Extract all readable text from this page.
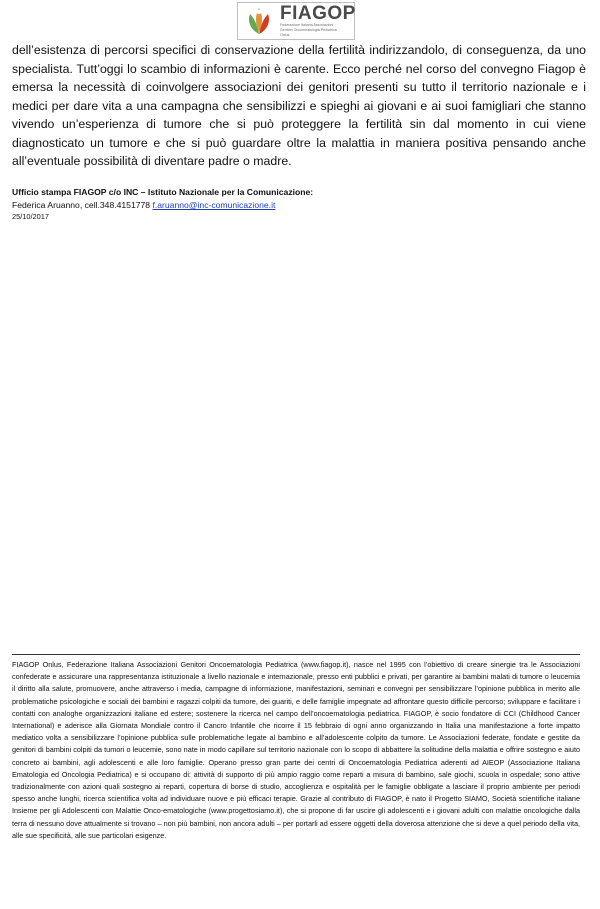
FIAGOP
Federazione Italiana Associazioni
Genitori Oncoematologia Pediatrica
Onlus

dell’esistenza di percorsi specifici di conservazione della fertilità indirizzandolo, di conseguenza, da uno specialista. Tutt’oggi lo scambio di informazioni è carente. Ecco perché nel corso del convegno Fiagop è emersa la necessità di coinvolgere associazioni dei genitori presenti su tutto il territorio nazionale e i medici per dare vita a una campagna che sensibilizzi e spieghi ai giovani e ai suoi famigliari che stanno vivendo un’esperienza di tumore che si può proteggere la fertilità sin dal momento in cui viene diagnosticato un tumore e che si può guardare oltre la malattia in maniera positiva pensando anche all’eventuale possibilità di diventare padre o madre.

Ufficio stampa FIAGOP c/o INC – Istituto Nazionale per la Comunicazione:

Federica Aruanno, cell.348.4151778 f.aruanno@inc-comunicazione.it

25/10/2017

FIAGOP Onlus, Federazione Italiana Associazioni Genitori Oncoematologia Pediatrica (www.fiagop.it), nasce nel 1995 con l’obiettivo di creare sinergie tra le Associazioni confederate e assicurare una rappresentanza istituzionale a livello nazionale e internazionale, presso enti pubblici e privati, per garantire ai bambini malati di tumore o leucemia il diritto alla salute, promuovere, anche attraverso i media, campagne di informazione, manifestazioni, seminari e convegni per sensibilizzare l’opinione pubblica in merito alle problematiche psicologiche e sociali dei bambini e ragazzi colpiti da tumore, dei guariti, e delle famiglie impegnate ad affrontare questo difficile percorso; sviluppare e facilitare i contatti con analoghe organizzazioni italiane ed estere; sostenere la ricerca nel campo dell’oncoematologia pediatrica. FIAGOP, è socio fondatore di CCI (Childhood Cancer International) e aderisce alla Giornata Mondiale contro il Cancro Infantile che ricorre il 15 febbraio di ogni anno organizzando in Italia una manifestazione a forte impatto mediatico volta a sensibilizzare l’opinione pubblica sulle problematiche legate al bambino e all’adolescente colpito da tumore. Le Associazioni federate, fondate e gestite da genitori di bambini colpiti da tumori o leucemie, sono nate in modo capillare sul territorio nazionale con lo scopo di abbattere la solitudine della malattia e offrire sostegno e aiuto concreto ai bambini, agli adolescenti e alle loro famiglie. Operano presso gran parte dei centri di Oncoematologia Pediatrica aderenti ad AIEOP (Associazione Italiana Ematologia ed Oncologia Pediatrica) e si occupano di: attività di supporto di più ampio raggio come reparti a misura di bambino, sale giochi, scuola in ospedale; sono attive tradizionalmente con azioni quali sostegno ai reparti, copertura di borse di studio, accoglienza e ospitalità per le famiglie obbligate a lasciare il proprio ambiente per periodi spesso anche lunghi, ricerca scientifica volta ad individuare nuove e più efficaci terapie. Grazie al contributo di FIAGOP, è nato il Progetto SIAMO, Società scientifiche italiane Insieme per gli Adolescenti con Malattie Onco-ematologiche (www.progettosiamo.it), che si propone di far uscire gli adolescenti e i giovani adulti con malattie oncologiche dalla terra di nessuno dove attualmente si trovano – non più bambini, non ancora adulti – per portarli ad essere oggetti della doverosa attenzione che si deve a quel periodo della vita, alle sue specificità, alle sue particolari esigenze.
